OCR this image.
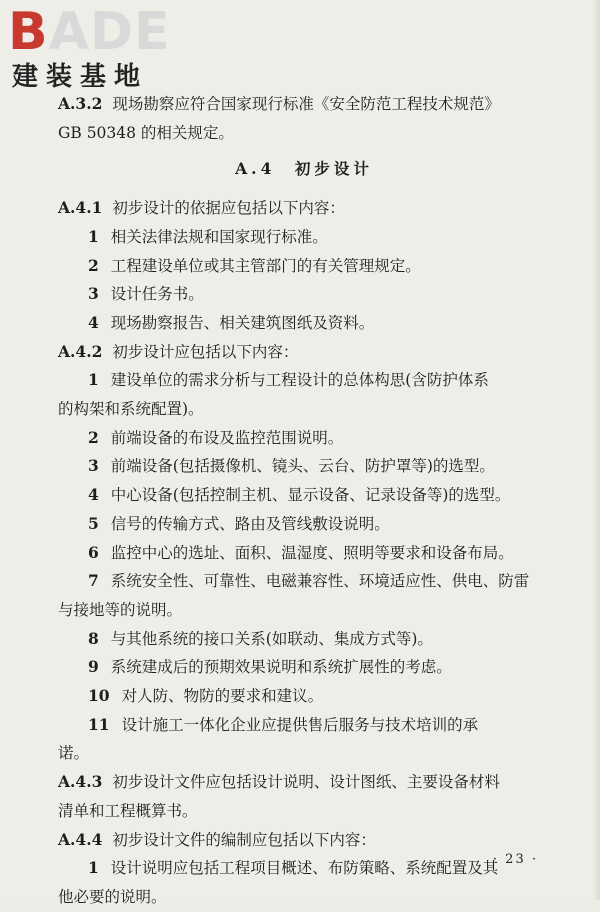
BADE
建装基地

A.3.2 现场勘察应符合国家现行标准《安全防范工程技术规范》

GB 50348 的相关规定。

A.4　初步设计

A.4.1 初步设计的依据应包括以下内容：

1 相关法律法规和国家现行标准。

2 工程建设单位或其主管部门的有关管理规定。

3 设计任务书。

4 现场勘察报告、相关建筑图纸及资料。

A.4.2 初步设计应包括以下内容：

1 建设单位的需求分析与工程设计的总体构思(含防护体系

的构架和系统配置)。

2 前端设备的布设及监控范围说明。

3 前端设备(包括摄像机、镜头、云台、防护罩等)的选型。

4 中心设备(包括控制主机、显示设备、记录设备等)的选型。

5 信号的传输方式、路由及管线敷设说明。

6 监控中心的选址、面积、温湿度、照明等要求和设备布局。

7 系统安全性、可靠性、电磁兼容性、环境适应性、供电、防雷

与接地等的说明。

8 与其他系统的接口关系(如联动、集成方式等)。

9 系统建成后的预期效果说明和系统扩展性的考虑。

10 对人防、物防的要求和建议。

11 设计施工一体化企业应提供售后服务与技术培训的承

诺。

A.4.3 初步设计文件应包括设计说明、设计图纸、主要设备材料

清单和工程概算书。

A.4.4 初步设计文件的编制应包括以下内容：

1 设计说明应包括工程项目概述、布防策略、系统配置及其

他必要的说明。

· 23 ·
